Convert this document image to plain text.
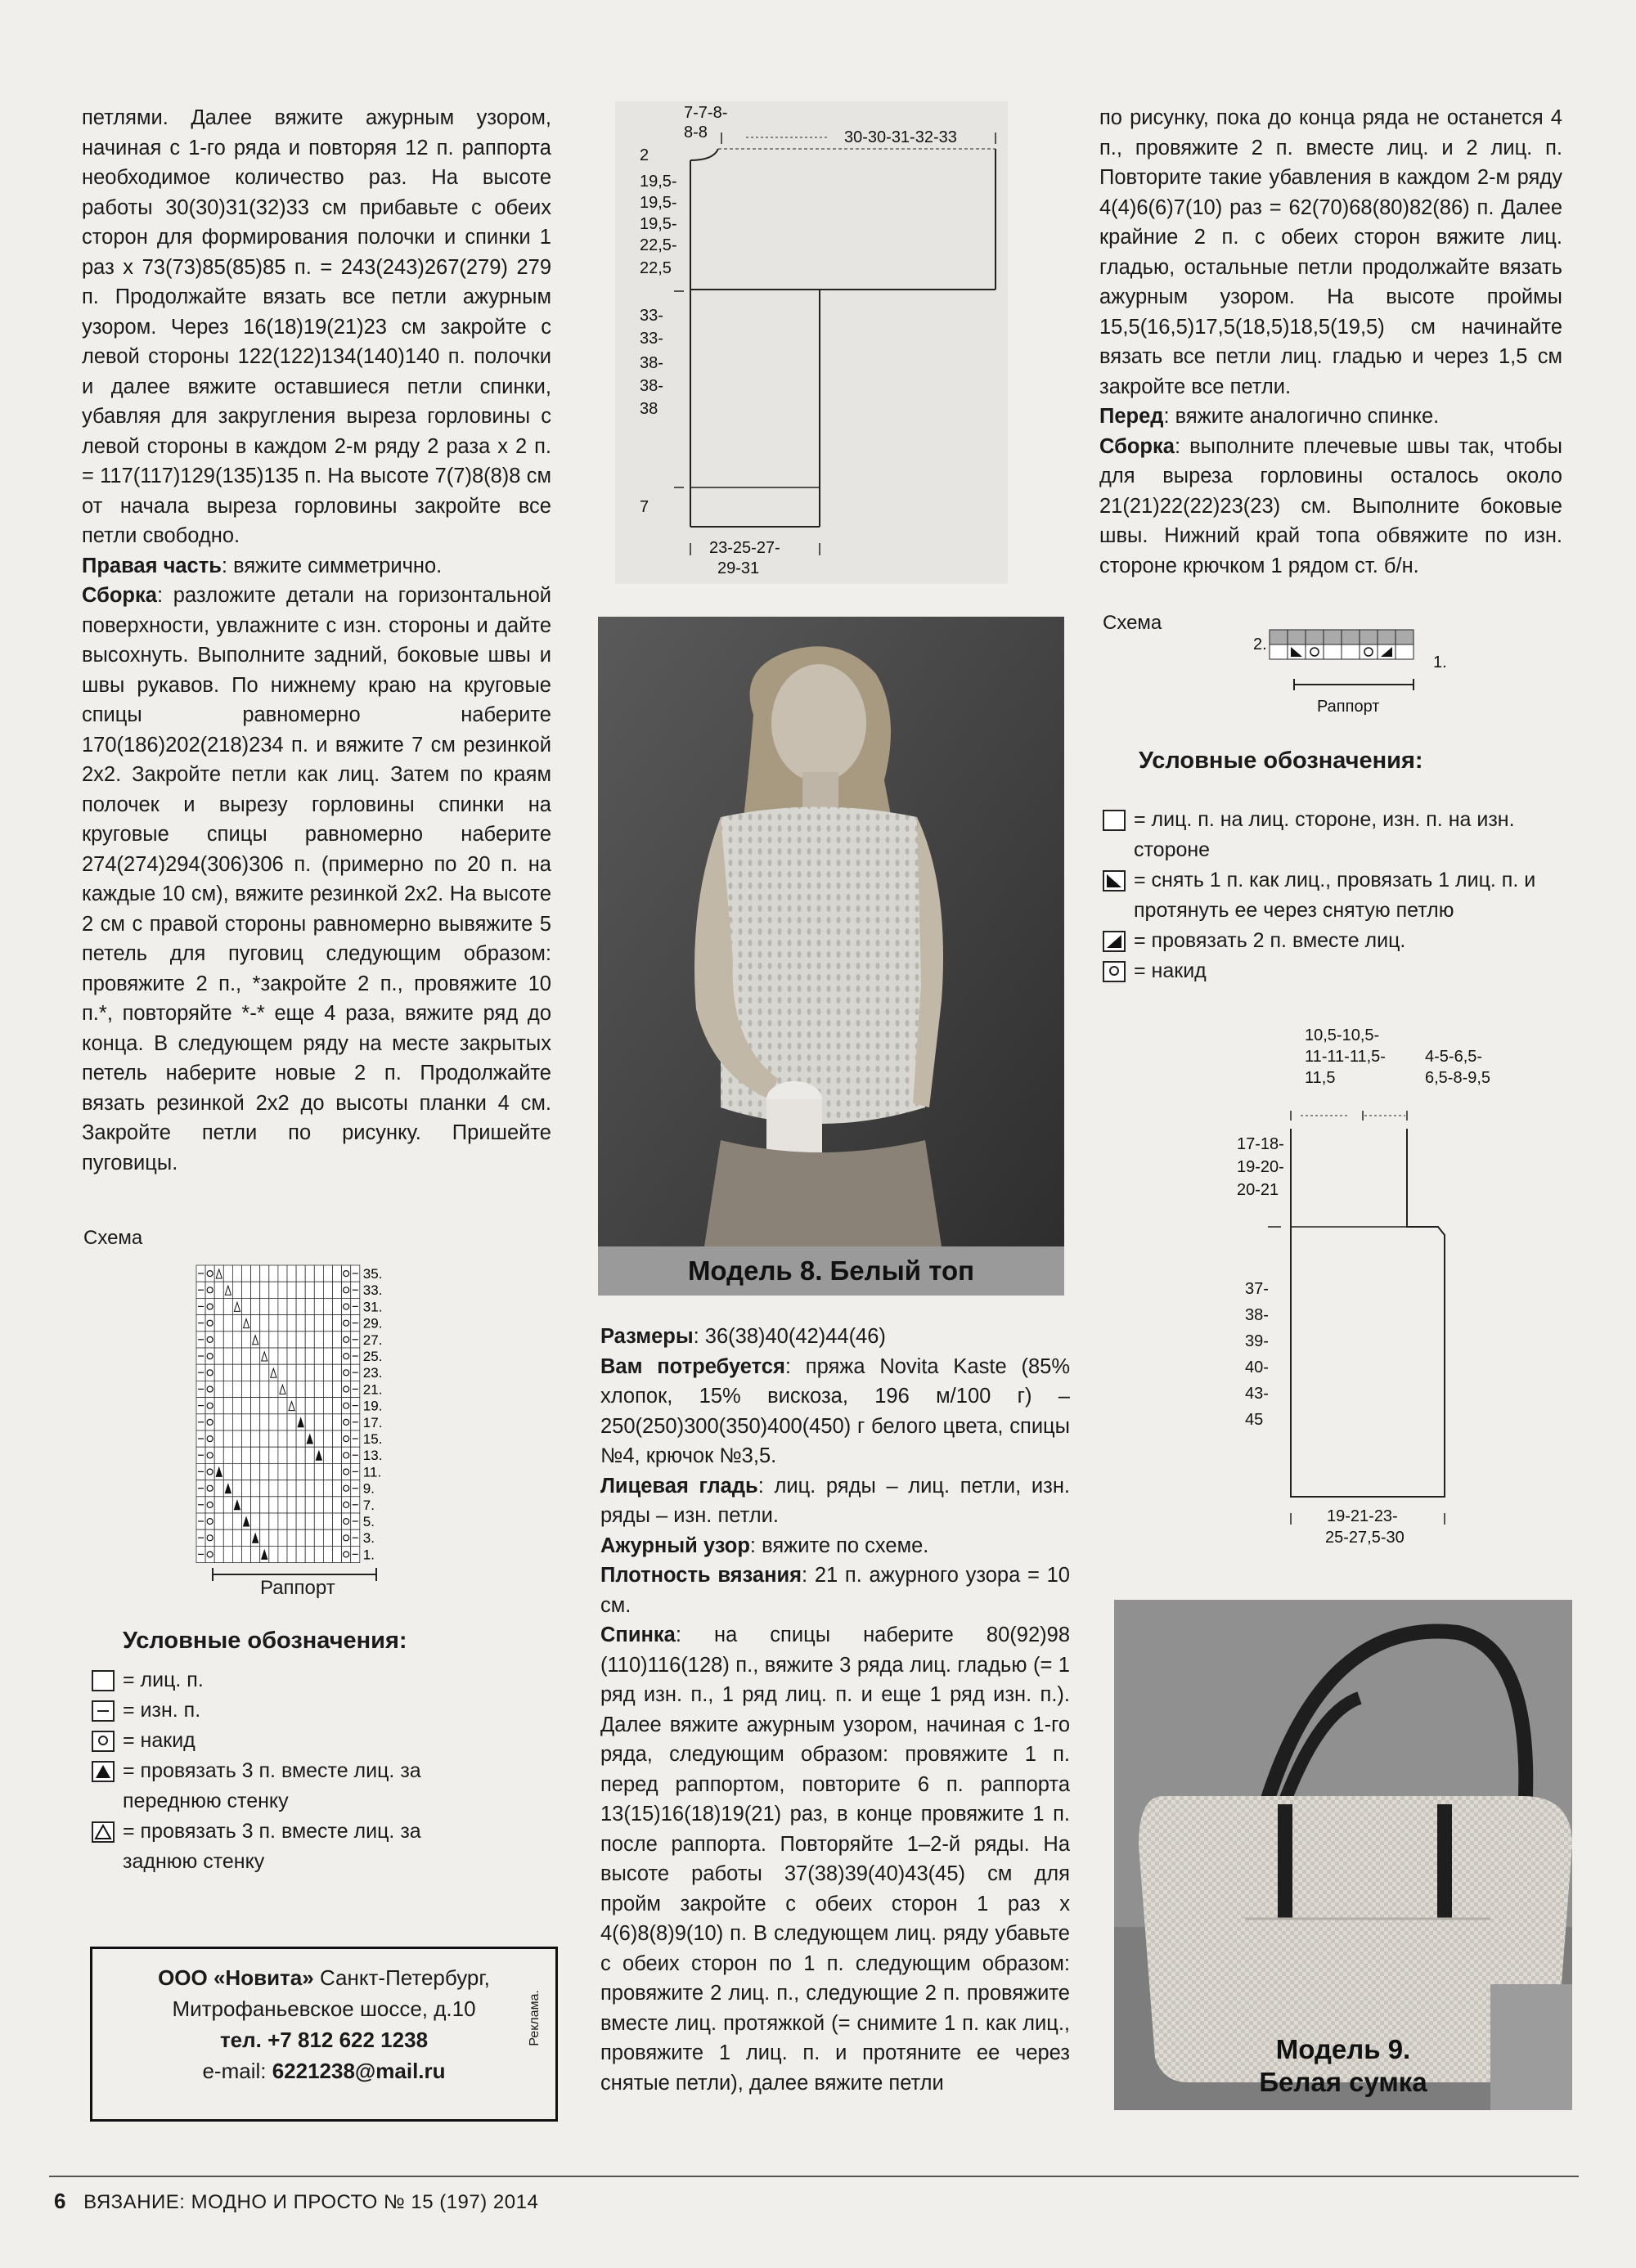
петлями. Далее вяжите ажурным узором, начиная с 1-го ряда и повторяя 12 п. раппорта необходимое количество раз. На высоте работы 30(30)31(32)33 см прибавьте с обеих сторон для формирования полочки и спинки 1 раз х 73(73)85(85)85 п. = 243(243)267(279) 279 п. Продолжайте вязать все петли ажурным узором. Через 16(18)19(21)23 см закройте с левой стороны 122(122)134(140)140 п. полочки и далее вяжите оставшиеся петли спинки, убавляя для закругления выреза горловины с левой стороны в каждом 2-м ряду 2 раза х 2 п. = 117(117)129(135)135 п. На высоте 7(7)8(8)8 см от начала выреза горловины закройте все петли свободно.

Правая часть: вяжите симметрично.

Сборка: разложите детали на горизонтальной поверхности, увлажните с изн. стороны и дайте высохнуть. Выполните задний, боковые швы и швы рукавов. По нижнему краю на круговые спицы равномерно наберите 170(186)202(218)234 п. и вяжите 7 см резинкой 2х2. Закройте петли как лиц. Затем по краям полочек и вырезу горловины спинки на круговые спицы равномерно наберите 274(274)294(306)306 п. (примерно по 20 п. на каждые 10 см), вяжите резинкой 2х2. На высоте 2 см с правой стороны равномерно вывяжите 5 петель для пуговиц следующим образом: провяжите 2 п., *закройте 2 п., провяжите 10 п.*, повторяйте *-* еще 4 раза, вяжите ряд до конца. В следующем ряду на месте закрытых петель наберите новые 2 п. Продолжайте вязать резинкой 2х2 до высоты планки 4 см. Закройте петли по рисунку. Пришейте пуговицы.

Схема
35.
33.
31.
29.
27.
25.
23.
21.
19.
17.
15.
13.
11.
9.
7.
5.
3.
1.
Раппорт
Условные обозначения:
= лиц. п.
= изн. п.
= накид
= провязать 3 п. вместе лиц. за переднюю стенку
= провязать 3 п. вместе лиц. за заднюю стенку
ООО «Новита» Санкт-Петербург,
Митрофаньевское шоссе, д.10
тел. +7 812 622 1238
e-mail: 6221238@mail.ru
Реклама.
7-7-8-
8-8	30-30-31-32-33
2
19,5-
19,5-
19,5-
22,5-
22,5
33-
33-
38-
38-
38
7
23-25-27-
29-31
Модель 8. Белый топ

Размеры: 36(38)40(42)44(46)

Вам потребуется: пряжа Novita Kaste (85% хлопок, 15% вискоза, 196 м/100 г) – 250(250)300(350)400(450) г белого цвета, спицы №4, крючок №3,5.

Лицевая гладь: лиц. ряды – лиц. петли, изн. ряды – изн. петли.

Ажурный узор: вяжите по схеме.

Плотность вязания: 21 п. ажурного узора = 10 см.

Спинка: на спицы наберите 80(92)98 (110)116(128) п., вяжите 3 ряда лиц. гладью (= 1 ряд изн. п., 1 ряд лиц. п. и еще 1 ряд изн. п.). Далее вяжите ажурным узором, начиная с 1-го ряда, следующим образом: провяжите 1 п. перед раппортом, повторите 6 п. раппорта 13(15)16(18)19(21) раз, в конце провяжите 1 п. после раппорта. Повторяйте 1–2-й ряды. На высоте работы 37(38)39(40)43(45) см для пройм закройте с обеих сторон 1 раз х 4(6)8(8)9(10) п. В следующем лиц. ряду убавьте с обеих сторон по 1 п. следующим образом: провяжите 2 лиц. п., следующие 2 п. провяжите вместе лиц. протяжкой (= снимите 1 п. как лиц., провяжите 1 лиц. п. и протяните ее через снятые петли), далее вяжите петли

по рисунку, пока до конца ряда не останется 4 п., провяжите 2 п. вместе лиц. и 2 лиц. п. Повторите такие убавления в каждом 2-м ряду 4(4)6(6)7(10) раз = 62(70)68(80)82(86) п. Далее крайние 2 п. с обеих сторон вяжите лиц. гладью, остальные петли продолжайте вязать ажурным узором. На высоте проймы 15,5(16,5)17,5(18,5)18,5(19,5) см начинайте вязать все петли лиц. гладью и через 1,5 см закройте все петли.

Перед: вяжите аналогично спинке.

Сборка: выполните плечевые швы так, чтобы для выреза горловины осталось около 21(21)22(22)23(23) см. Выполните боковые швы. Нижний край топа обвяжите по изн. стороне крючком 1 рядом ст. б/н.

Схема
2.
1.
Раппорт
Условные обозначения:
= лиц. п. на лиц. стороне, изн. п. на изн. стороне
= снять 1 п. как лиц., провязать 1 лиц. п. и протянуть ее через снятую петлю
= провязать 2 п. вместе лиц.
= накид
10,5-10,5-
11-11-11,5-
11,5
4-5-6,5-
6,5-8-9,5
17-18-
19-20-
20-21
37-
38-
39-
40-
43-
45
19-21-23-
25-27,5-30
Модель 9.
Белая сумка
6 ВЯЗАНИЕ: МОДНО И ПРОСТО № 15 (197) 2014
